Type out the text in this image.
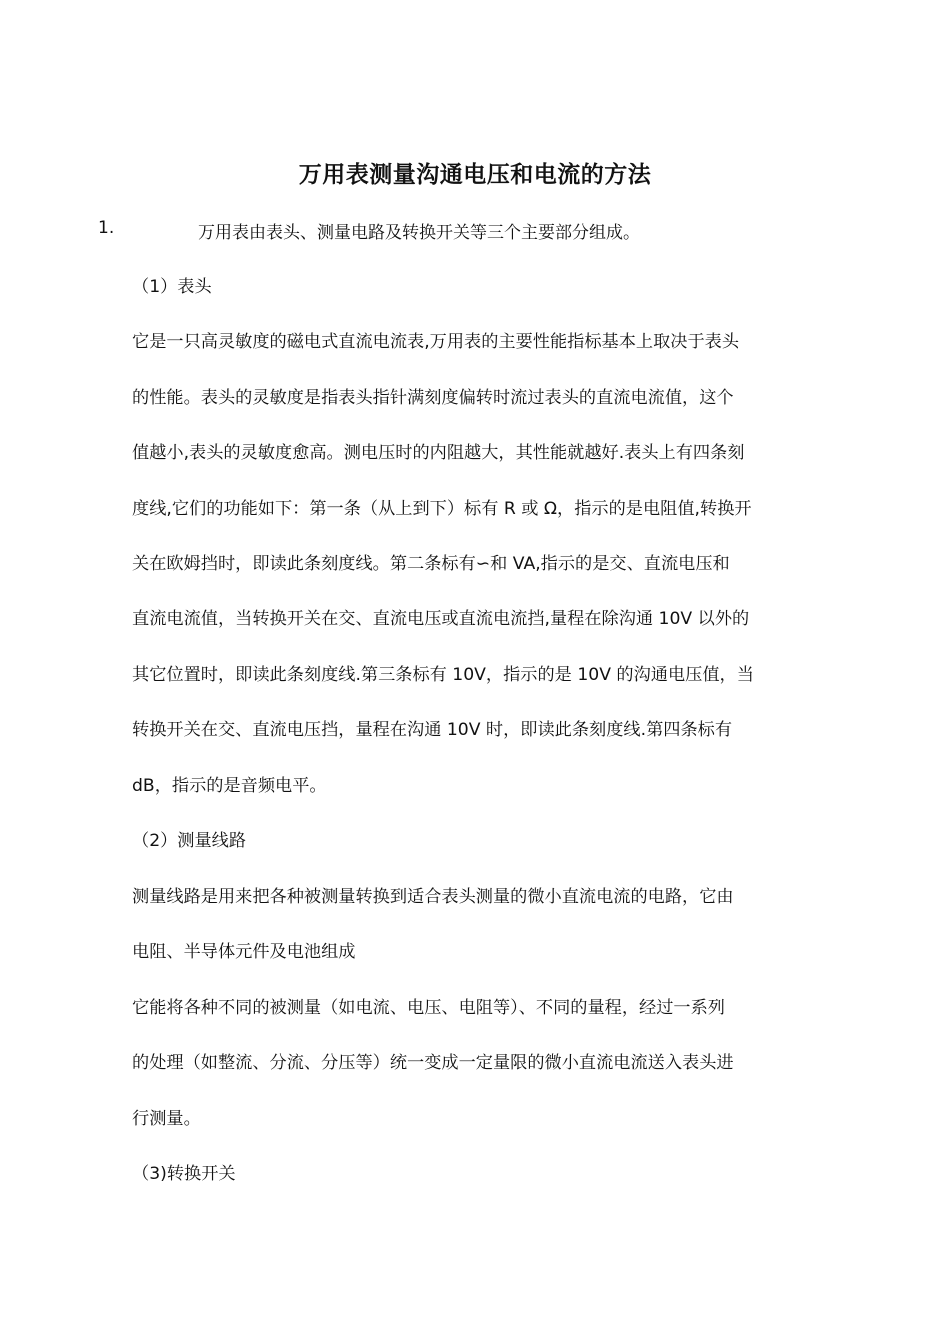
万用表测量沟通电压和电流的方法
1.	万用表由表头、测量电路及转换开关等三个主要部分组成。
（1）表头
它是一只高灵敏度的磁电式直流电流表,万用表的主要性能指标基本上取决于表头
的性能。表头的灵敏度是指表头指针满刻度偏转时流过表头的直流电流值，这个
值越小,表头的灵敏度愈高。测电压时的内阻越大，其性能就越好.表头上有四条刻
度线,它们的功能如下：第一条（从上到下）标有 R 或 Ω，指示的是电阻值,转换开
关在欧姆挡时，即读此条刻度线。第二条标有∽和 VA,指示的是交、直流电压和
直流电流值，当转换开关在交、直流电压或直流电流挡,量程在除沟通 10V 以外的
其它位置时，即读此条刻度线.第三条标有 10V，指示的是 10V 的沟通电压值，当
转换开关在交、直流电压挡，量程在沟通 10V 时，即读此条刻度线.第四条标有
dB，指示的是音频电平。
（2）测量线路
测量线路是用来把各种被测量转换到适合表头测量的微小直流电流的电路，它由
电阻、半导体元件及电池组成
它能将各种不同的被测量（如电流、电压、电阻等）、不同的量程，经过一系列
的处理（如整流、分流、分压等）统一变成一定量限的微小直流电流送入表头进
行测量。
（3)转换开关
